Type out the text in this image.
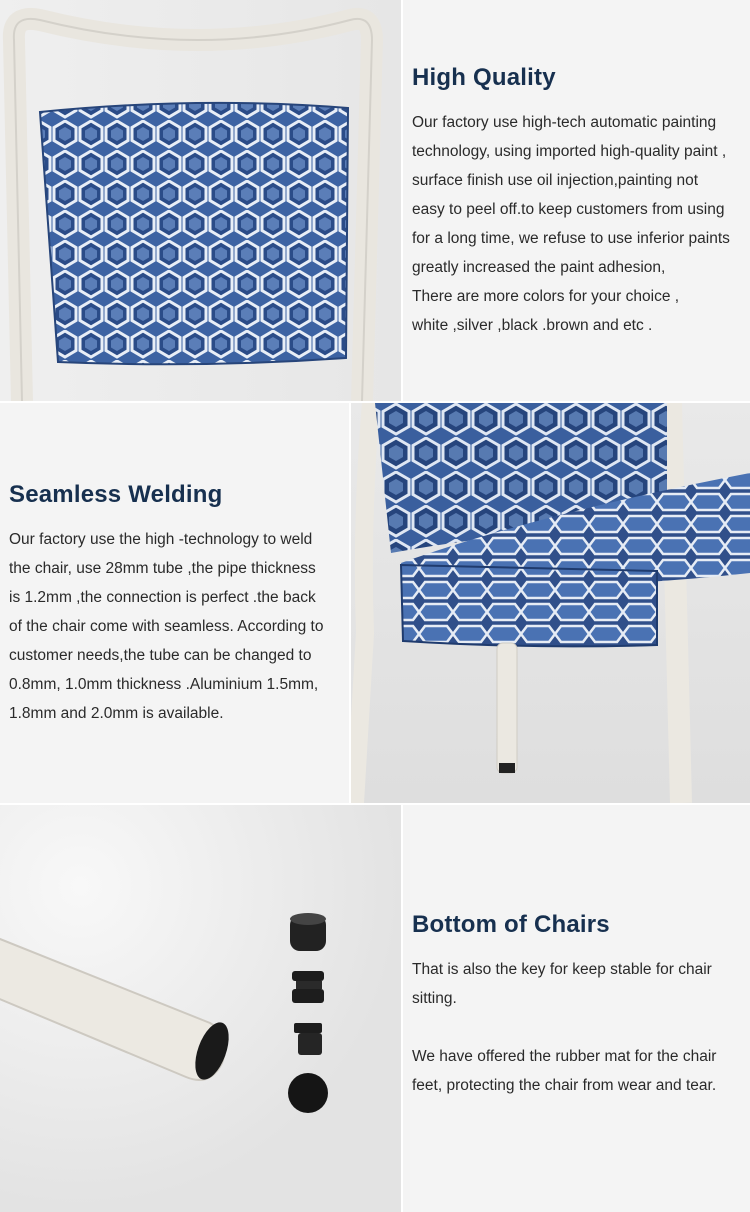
High Quality

Our factory use high-tech automatic painting
technology, using imported high-quality paint ,
surface finish use oil injection,painting not
easy to peel off.to keep customers from using
for a long time, we refuse to use inferior paints
greatly increased the paint adhesion,
There are more colors for your choice ,
white ,silver ,black .brown and etc .

Seamless Welding

Our factory use the high -technology to weld
the chair, use 28mm tube ,the pipe thickness
is 1.2mm ,the connection is perfect .the back
of the chair come with seamless. According to
customer needs,the tube can be changed to
0.8mm, 1.0mm thickness .Aluminium 1.5mm,
1.8mm and 2.0mm is available.

Bottom of Chairs

That is also the key for keep stable for chair
sitting.

We have offered the rubber mat for the chair
feet, protecting the chair from wear and tear.
